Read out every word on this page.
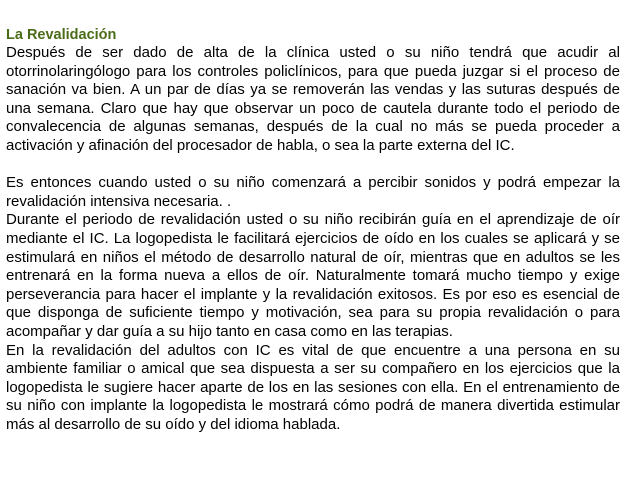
La Revalidación

Después de ser dado de alta de la clínica usted o su niño tendrá que acudir al otorrinolaringólogo para los controles policlínicos, para que pueda juzgar si el proceso de sanación va bien. A un par de días ya se removerán las vendas y las suturas después de una semana. Claro que hay que observar un poco de cautela durante todo el periodo de convalecencia de algunas semanas, después de la cual no más se pueda proceder a activación y afinación del procesador de habla, o sea la parte externa del IC.

Es entonces cuando usted o su niño comenzará a percibir sonidos y podrá empezar la revalidación intensiva necesaria. .

Durante el periodo de revalidación usted o su niño recibirán guía en el aprendizaje de oír mediante el IC. La logopedista le facilitará ejercicios de oído en los cuales se aplicará y se estimulará en niños el método de desarrollo natural de oír, mientras que en adultos se les entrenará en la forma nueva a ellos de oír. Naturalmente tomará mucho tiempo y exige perseverancia para hacer el implante y la revalidación exitosos. Es por eso es esencial de que disponga de suficiente tiempo y motivación, sea para su propia revalidación o para acompañar y dar guía a su hijo tanto en casa como en las terapias.

En la revalidación del adultos con IC es vital de que encuentre a una persona en su ambiente familiar o amical que sea dispuesta a ser su compañero en los ejercicios que la logopedista le sugiere hacer aparte de los en las sesiones con ella. En el entrenamiento de su niño con implante la logopedista le mostrará cómo podrá de manera divertida estimular más al desarrollo de su oído y del idioma hablada.
